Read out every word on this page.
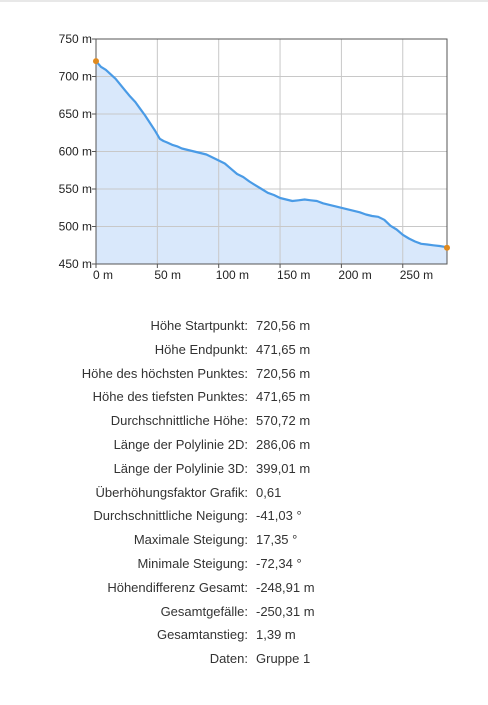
450 m
500 m
550 m
600 m
650 m
700 m
750 m
0 m	50 m	100 m 150 m 200 m 250 m
Höhe Startpunkt:	720,56 m
Höhe Endpunkt:	471,65 m
Höhe des höchsten Punktes:	720,56 m
Höhe des tiefsten Punktes:	471,65 m
Durchschnittliche Höhe:	570,72 m
Länge der Polylinie 2D:	286,06 m
Länge der Polylinie 3D:	399,01 m
Überhöhungsfaktor Grafik:	0,61
Durchschnittliche Neigung:	-41,03 °
Maximale Steigung:	17,35 °
Minimale Steigung:	-72,34 °
Höhendifferenz Gesamt:	-248,91 m
Gesamtgefälle:	-250,31 m
Gesamtanstieg:	1,39 m
Daten:	Gruppe 1
